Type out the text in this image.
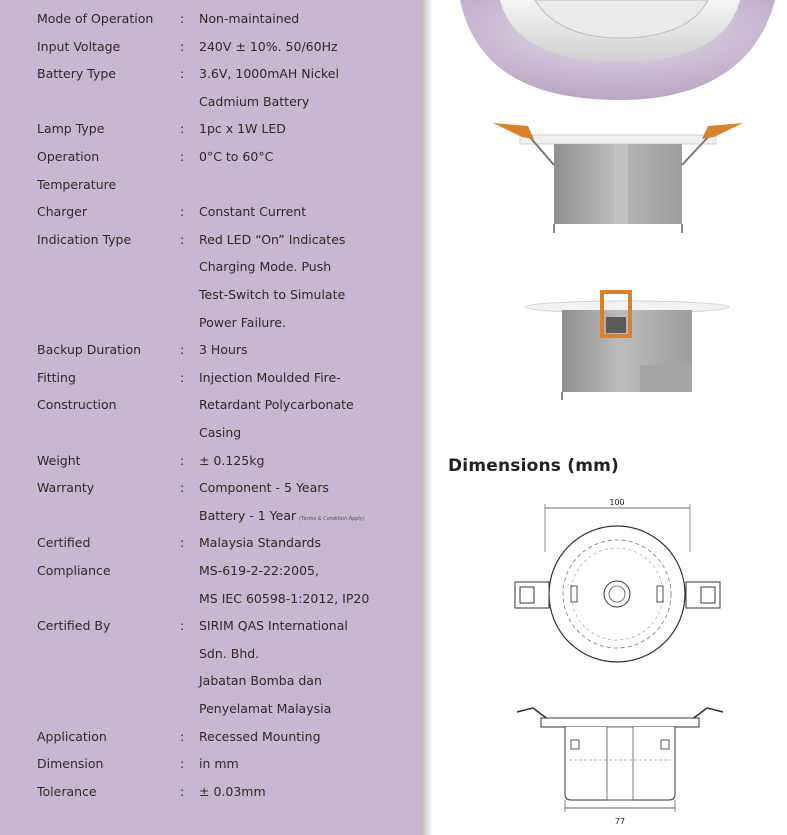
Mode of Operation : Non-maintained
Input Voltage	: 240V ± 10%. 50/60Hz
Battery Type	: 3.6V, 1000mAH Nickel
Cadmium Battery
Lamp Type	: 1pc x 1W LED
Operation	: 0°C to 60°C
Temperature
Charger	: Constant Current
Indication Type	: Red LED “On” Indicates
Charging Mode. Push
Test-Switch to Simulate
Power Failure.
Backup Duration	: 3 Hours
Fitting	: Injection Moulded Fire-
Construction	Retardant Polycarbonate
Casing
Weight	: ± 0.125kg
Warranty	: Component - 5 Years
Battery - 1 Year (Terms & Condition Apply)
Certified	: Malaysia Standards
Compliance	MS-619-2-22:2005,
MS IEC 60598-1:2012, IP20
Certified By	: SIRIM QAS International
Sdn. Bhd.
Jabatan Bomba dan
Penyelamat Malaysia
Application	: Recessed Mounting
Dimension	: in mm
Tolerance	: ± 0.03mm
Dimensions (mm)
100
77
